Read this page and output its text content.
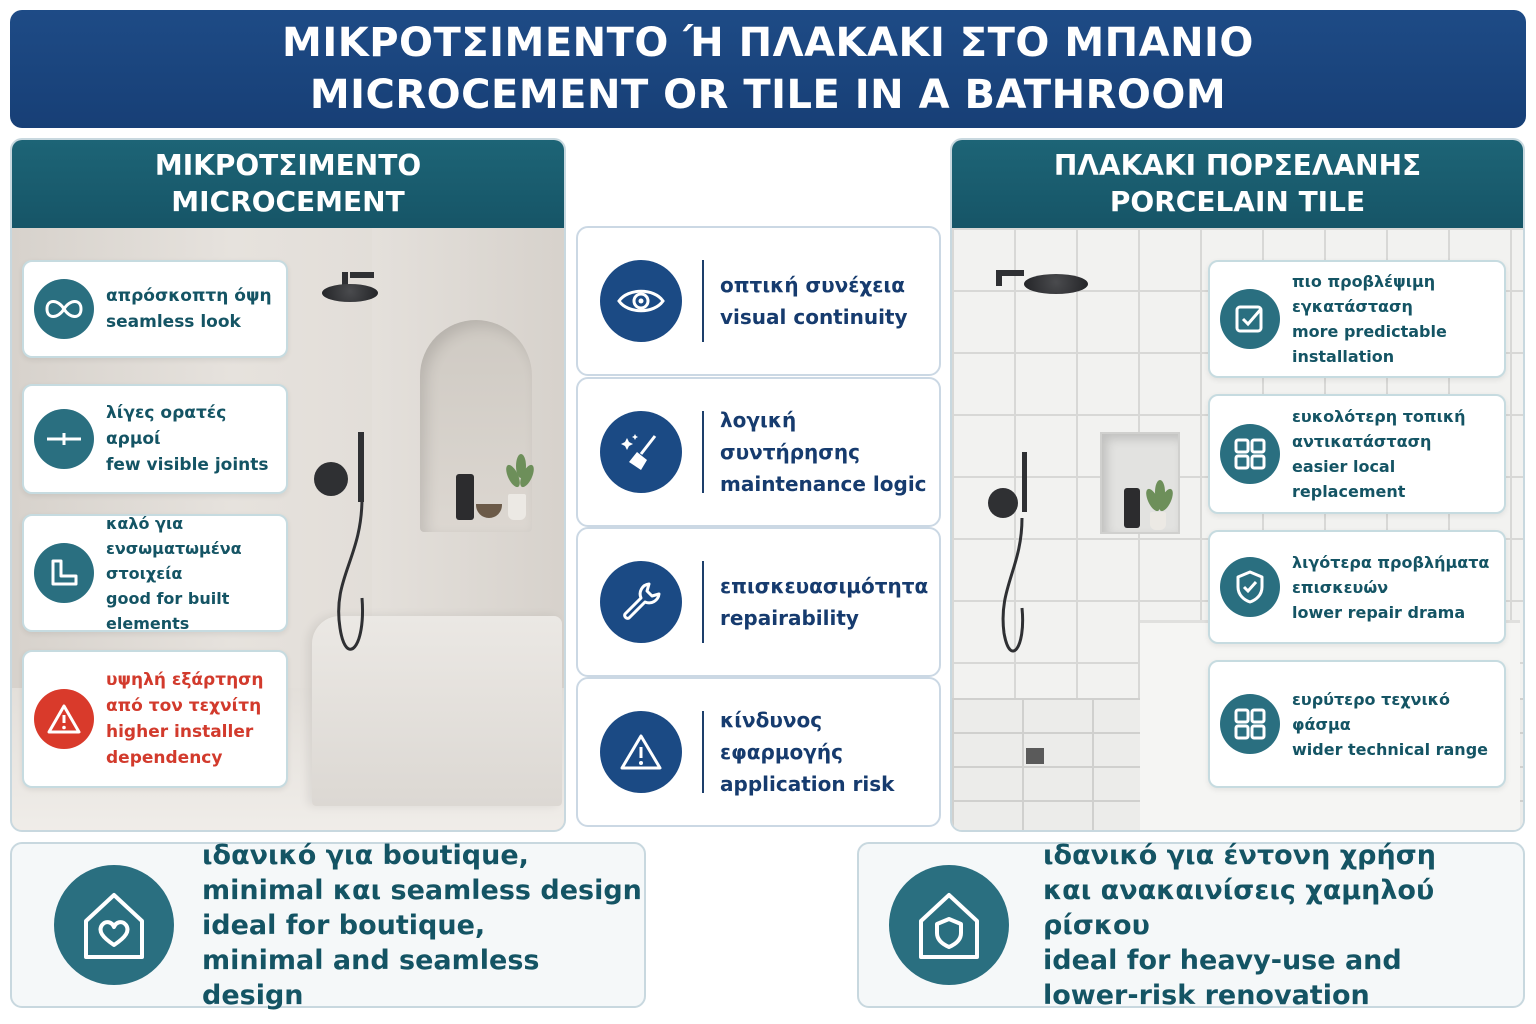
ΜΙΚΡΟΤΣΙΜΕΝΤΟ Ή ΠΛΑΚΑΚΙ ΣΤΟ ΜΠΑΝΙΟ
MICROCEMENT OR TILE IN A BATHROOM
ΜΙΚΡΟΤΣΙΜΕΝΤΟ
MICROCEMENT
απρόσκοπτη όψη
seamless look
λίγες ορατές αρμοί
few visible joints
καλό για ενσωματωμένα στοιχεία
good for built elements
υψηλή εξάρτηση από τον τεχνίτη
higher installer dependency
οπτική συνέχεια
visual continuity
λογική συντήρησης
maintenance logic
επισκευασιμότητα
repairability
κίνδυνος εφαρμογής
application risk
ΠΛΑΚΑΚΙ ΠΟΡΣΕΛΑΝΗΣ
PORCELAIN TILE
πιο προβλέψιμη εγκατάσταση
more predictable installation
ευκολότερη τοπική αντικατάσταση
easier local replacement
λιγότερα προβλήματα επισκευών
lower repair drama
ευρύτερο τεχνικό φάσμα
wider technical range
ιδανικό για boutique,
minimal και seamless design
ideal for boutique,
minimal and seamless design
ιδανικό για έντονη χρήση
και ανακαινίσεις χαμηλού ρίσκου
ideal for heavy-use and
lower-risk renovation
